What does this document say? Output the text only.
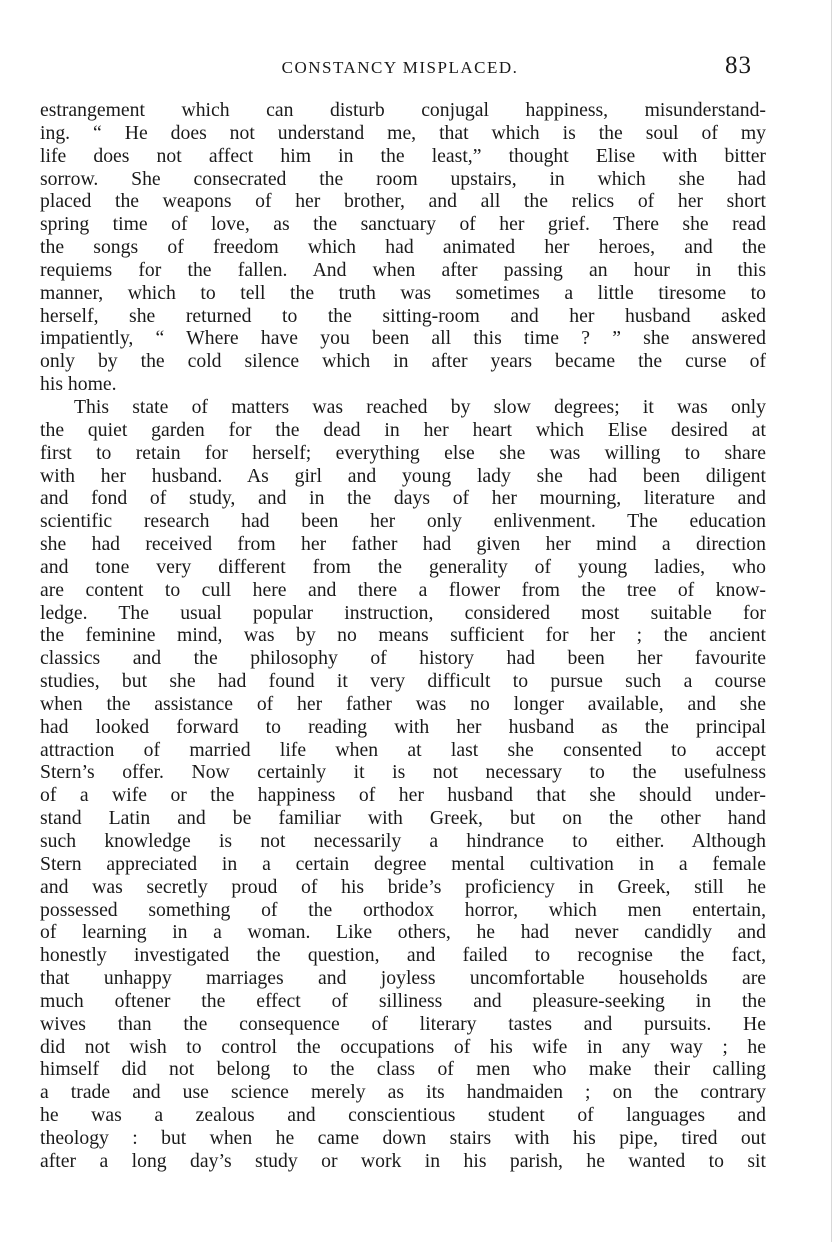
CONSTANCY MISPLACED.	83
estrangement which can disturb conjugal happiness, misunderstand-
ing. “ He does not understand me, that which is the soul of my
life does not affect him in the least,” thought Elise with bitter
sorrow. She consecrated the room upstairs, in which she had
placed the weapons of her brother, and all the relics of her short
spring time of love, as the sanctuary of her grief. There she read
the songs of freedom which had animated her heroes, and the
requiems for the fallen. And when after passing an hour in this
manner, which to tell the truth was sometimes a little tiresome to
herself, she returned to the sitting-room and her husband asked
impatiently, “ Where have you been all this time ? ” she answered
only by the cold silence which in after years became the curse of
his home.
This state of matters was reached by slow degrees; it was only
the quiet garden for the dead in her heart which Elise desired at
first to retain for herself; everything else she was willing to share
with her husband. As girl and young lady she had been diligent
and fond of study, and in the days of her mourning, literature and
scientific research had been her only enlivenment. The education
she had received from her father had given her mind a direction
and tone very different from the generality of young ladies, who
are content to cull here and there a flower from the tree of know-
ledge. The usual popular instruction, considered most suitable for
the feminine mind, was by no means sufficient for her ; the ancient
classics and the philosophy of history had been her favourite
studies, but she had found it very difficult to pursue such a course
when the assistance of her father was no longer available, and she
had looked forward to reading with her husband as the principal
attraction of married life when at last she consented to accept
Stern’s offer. Now certainly it is not necessary to the usefulness
of a wife or the happiness of her husband that she should under-
stand Latin and be familiar with Greek, but on the other hand
such knowledge is not necessarily a hindrance to either. Although
Stern appreciated in a certain degree mental cultivation in a female
and was secretly proud of his bride’s proficiency in Greek, still he
possessed something of the orthodox horror, which men entertain,
of learning in a woman. Like others, he had never candidly and
honestly investigated the question, and failed to recognise the fact,
that unhappy marriages and joyless uncomfortable households are
much oftener the effect of silliness and pleasure-seeking in the
wives than the consequence of literary tastes and pursuits. He
did not wish to control the occupations of his wife in any way ; he
himself did not belong to the class of men who make their calling
a trade and use science merely as its handmaiden ; on the contrary
he was a zealous and conscientious student of languages and
theology : but when he came down stairs with his pipe, tired out
after a long day’s study or work in his parish, he wanted to sit
